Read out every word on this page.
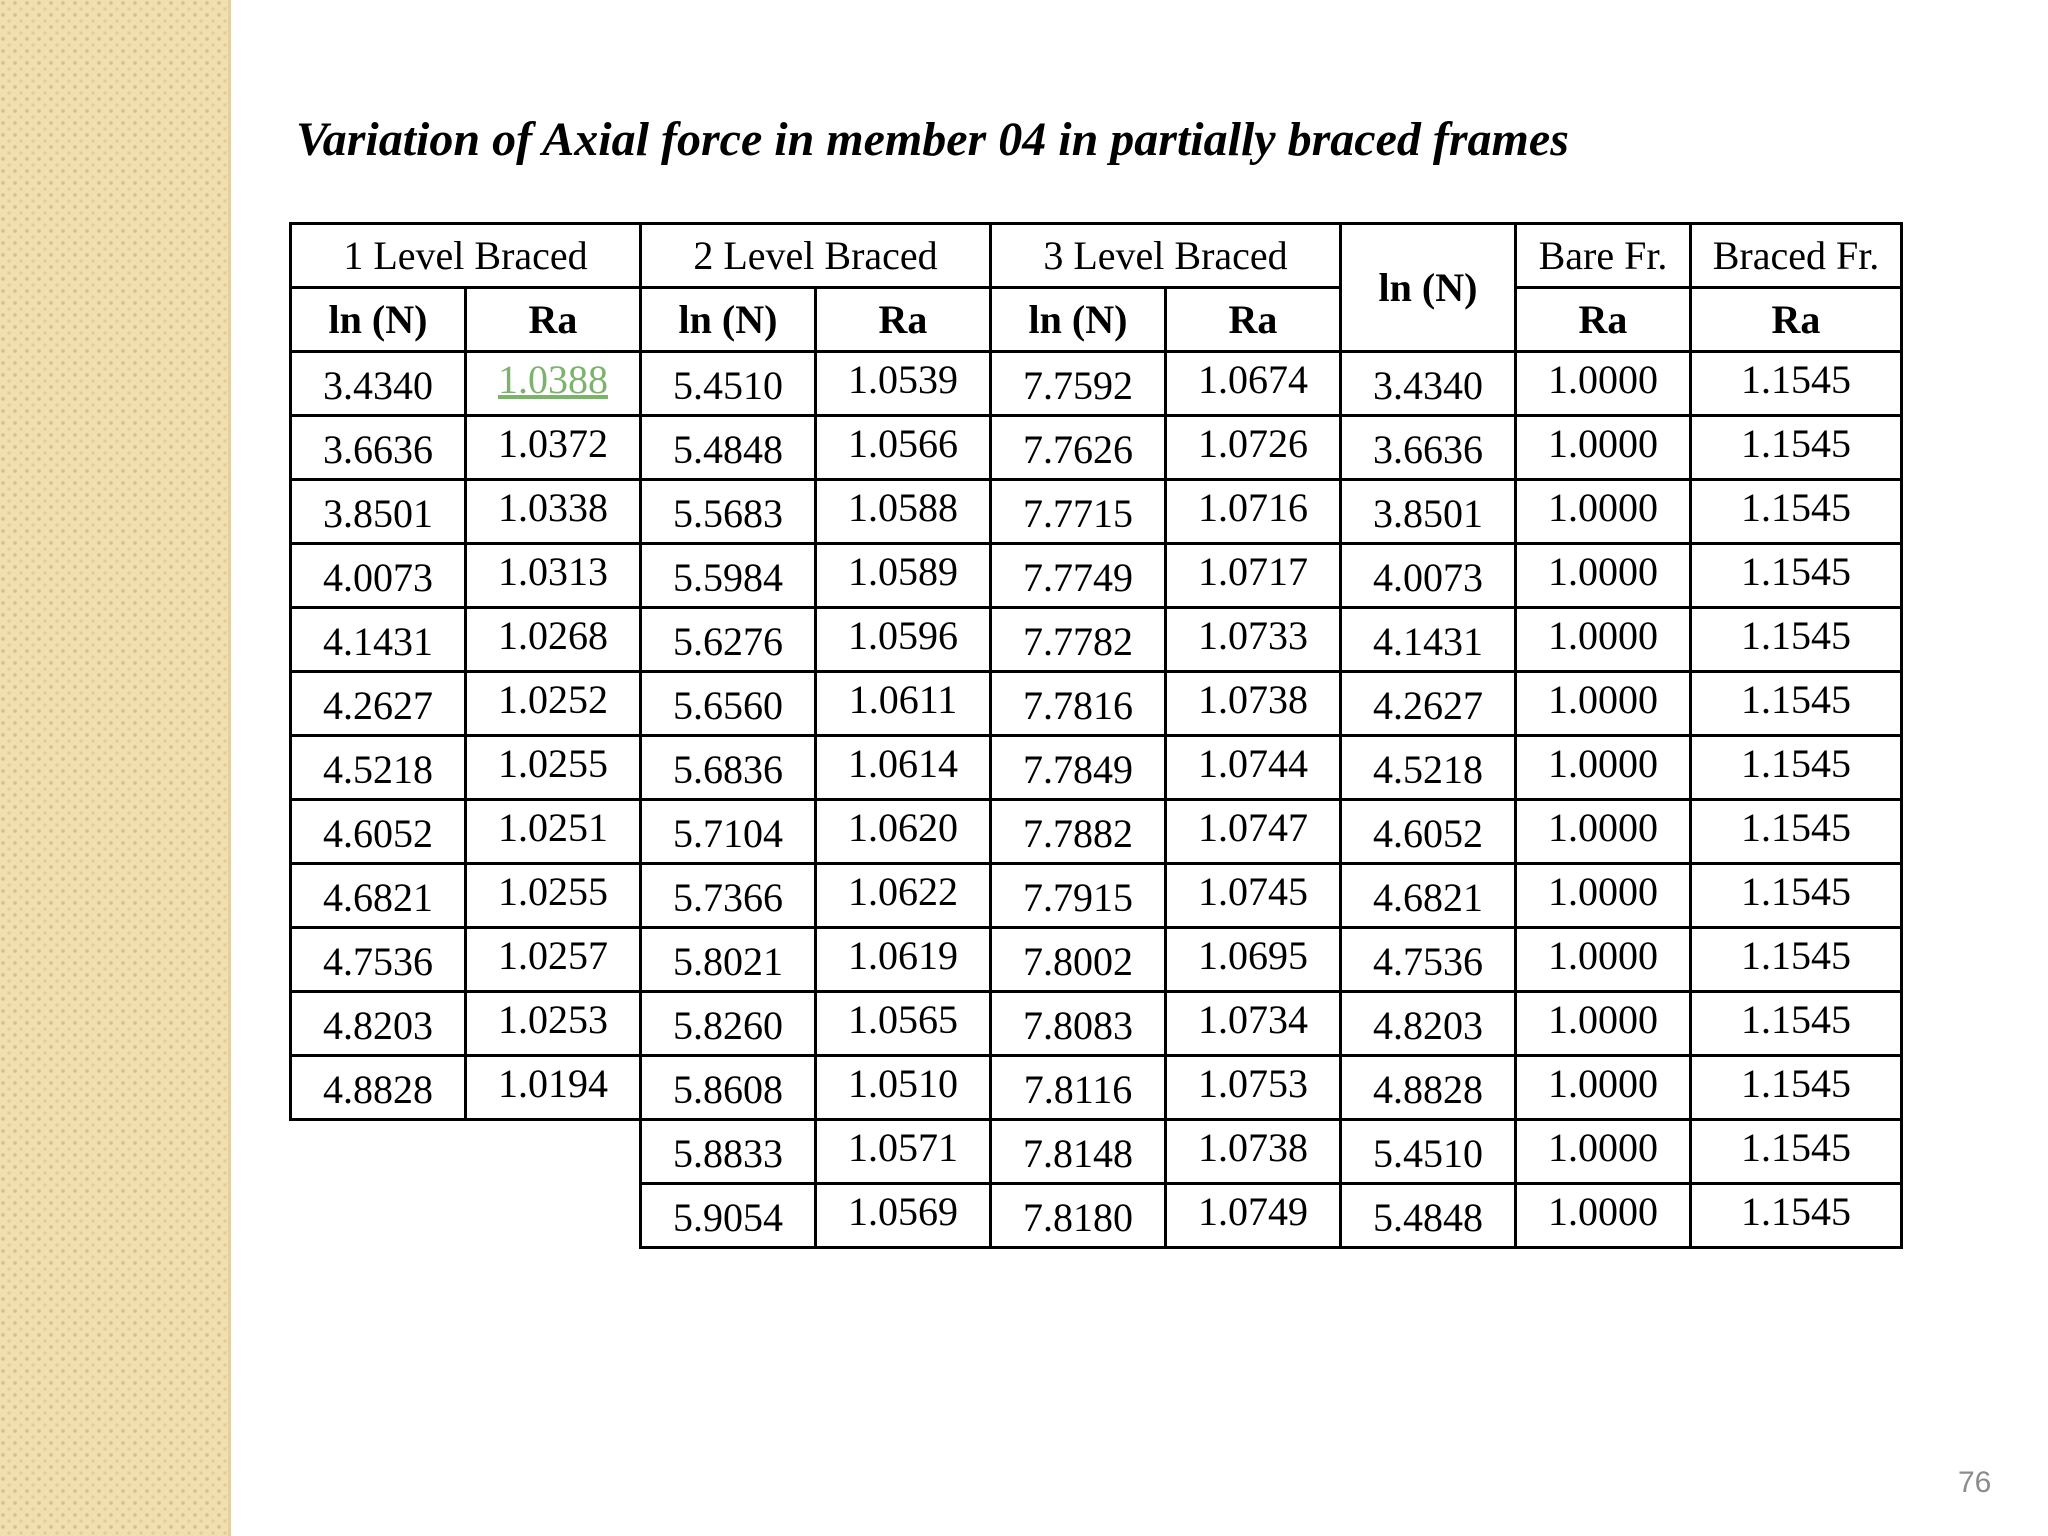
Variation of Axial force in member 04 in partially braced frames
1 Level Braced		2 Level Braced		3 Level Braced		ln (N)	Bare Fr.	Braced Fr.
ln (N)	Ra	ln (N)	Ra	ln (N)	Ra		Ra	Ra
3.4340	1.0388	5.4510	1.0539	7.7592	1.0674	3.4340	1.0000	1.1545
3.6636	1.0372	5.4848	1.0566	7.7626	1.0726	3.6636	1.0000	1.1545
3.8501	1.0338	5.5683	1.0588	7.7715	1.0716	3.8501	1.0000	1.1545
4.0073	1.0313	5.5984	1.0589	7.7749	1.0717	4.0073	1.0000	1.1545
4.1431	1.0268	5.6276	1.0596	7.7782	1.0733	4.1431	1.0000	1.1545
4.2627	1.0252	5.6560	1.0611	7.7816	1.0738	4.2627	1.0000	1.1545
4.5218	1.0255	5.6836	1.0614	7.7849	1.0744	4.5218	1.0000	1.1545
4.6052	1.0251	5.7104	1.0620	7.7882	1.0747	4.6052	1.0000	1.1545
4.6821	1.0255	5.7366	1.0622	7.7915	1.0745	4.6821	1.0000	1.1545
4.7536	1.0257	5.8021	1.0619	7.8002	1.0695	4.7536	1.0000	1.1545
4.8203	1.0253	5.8260	1.0565	7.8083	1.0734	4.8203	1.0000	1.1545
4.8828	1.0194	5.8608	1.0510	7.8116	1.0753	4.8828	1.0000	1.1545
		5.8833	1.0571	7.8148	1.0738	5.4510	1.0000	1.1545
		5.9054	1.0569	7.8180	1.0749	5.4848	1.0000	1.1545
76
